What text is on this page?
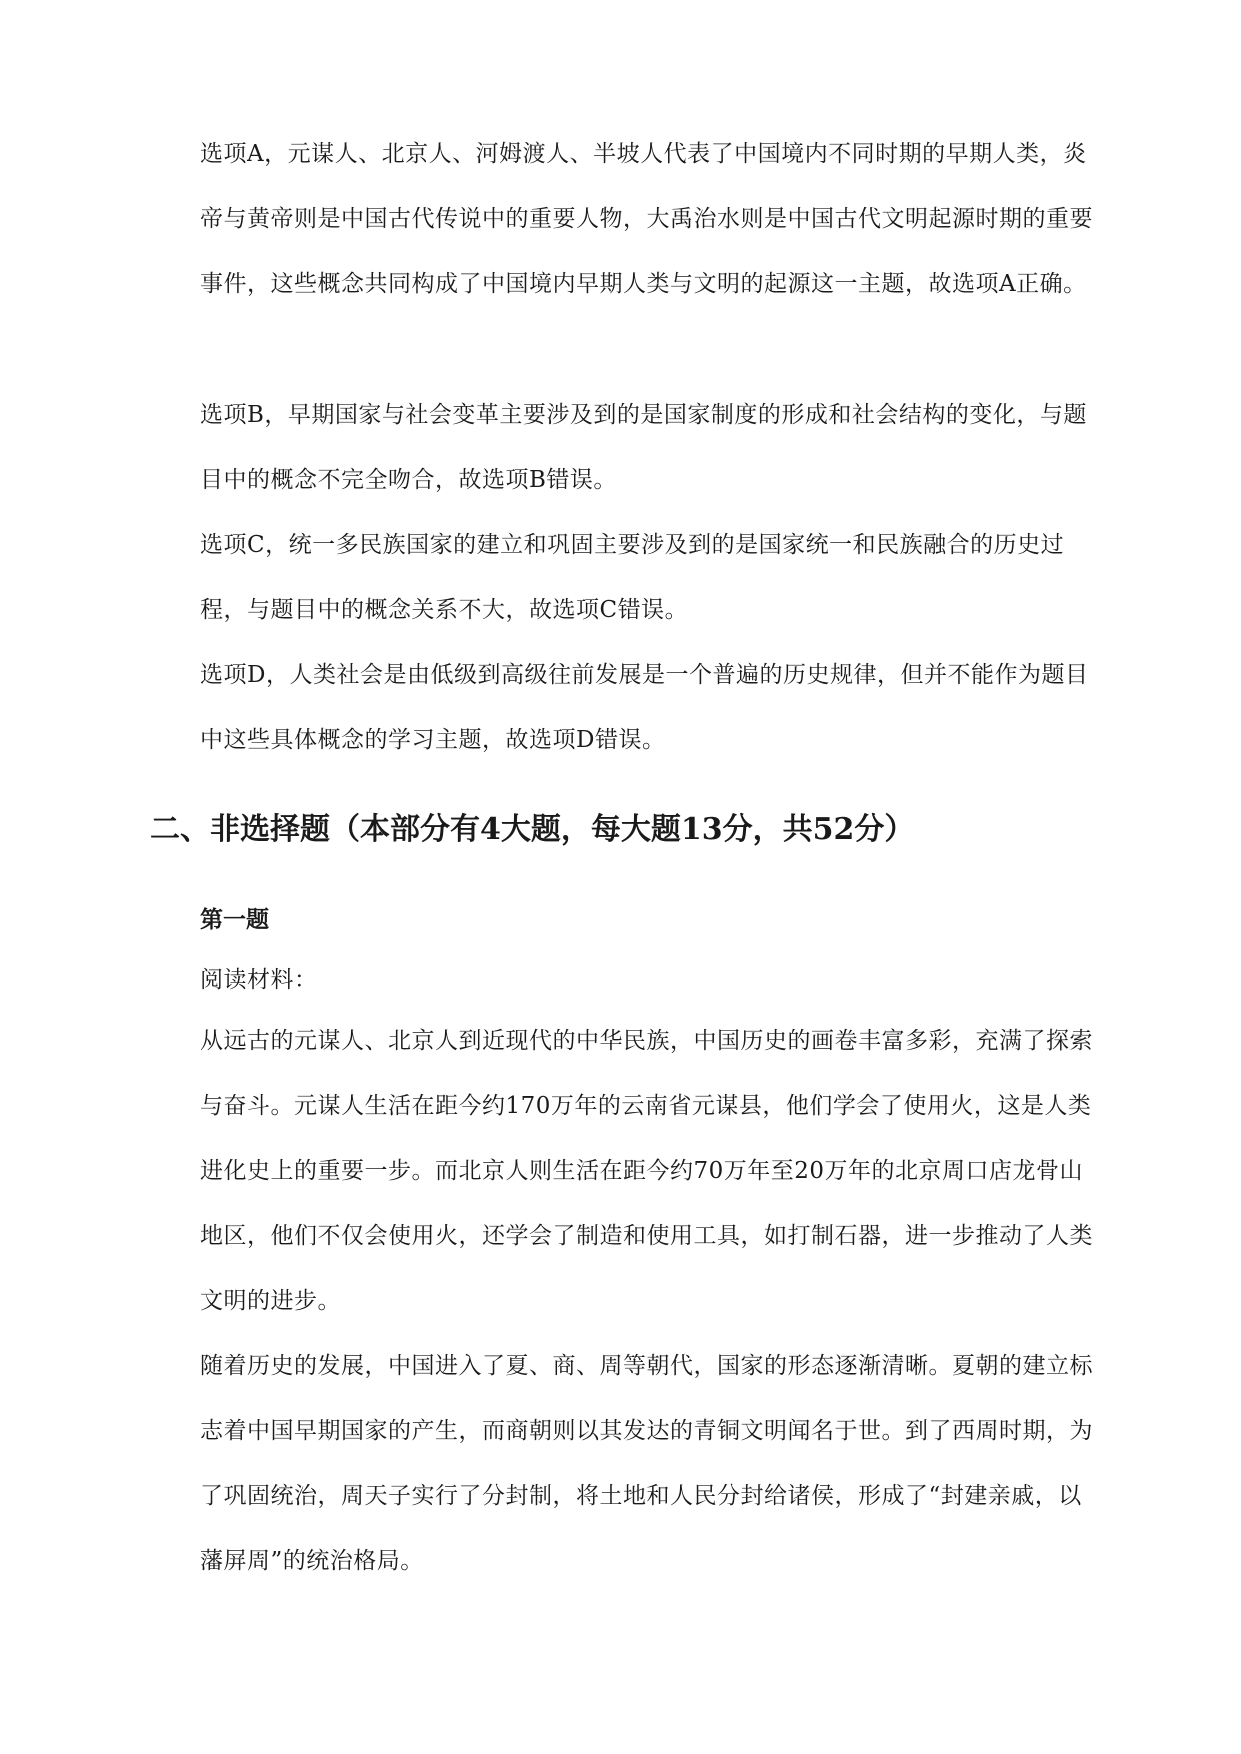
选项A，元谋人、北京人、河姆渡人、半坡人代表了中国境内不同时期的早期人类，炎帝与黄帝则是中国古代传说中的重要人物，大禹治水则是中国古代文明起源时期的重要事件，这些概念共同构成了中国境内早期人类与文明的起源这一主题，故选项A正确。

选项B，早期国家与社会变革主要涉及到的是国家制度的形成和社会结构的变化，与题目中的概念不完全吻合，故选项B错误。

选项C，统一多民族国家的建立和巩固主要涉及到的是国家统一和民族融合的历史过程，与题目中的概念关系不大，故选项C错误。

选项D，人类社会是由低级到高级往前发展是一个普遍的历史规律，但并不能作为题目中这些具体概念的学习主题，故选项D错误。

二、非选择题（本部分有4大题，每大题13分，共52分）
第一题

阅读材料：

从远古的元谋人、北京人到近现代的中华民族，中国历史的画卷丰富多彩，充满了探索与奋斗。元谋人生活在距今约170万年的云南省元谋县，他们学会了使用火，这是人类进化史上的重要一步。而北京人则生活在距今约70万年至20万年的北京周口店龙骨山地区，他们不仅会使用火，还学会了制造和使用工具，如打制石器，进一步推动了人类文明的进步。

随着历史的发展，中国进入了夏、商、周等朝代，国家的形态逐渐清晰。夏朝的建立标志着中国早期国家的产生，而商朝则以其发达的青铜文明闻名于世。到了西周时期，为了巩固统治，周天子实行了分封制，将土地和人民分封给诸侯，形成了“封建亲戚，以藩屏周”的统治格局。
